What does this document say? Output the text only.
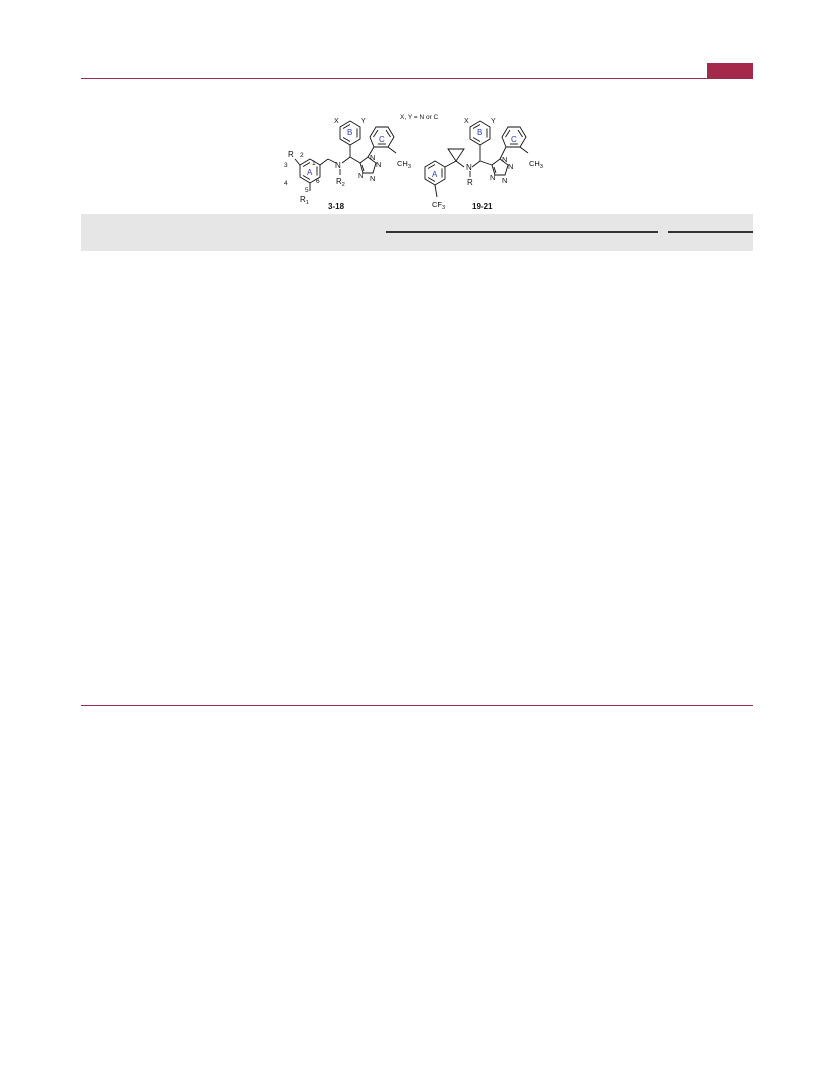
X, Y = N or C
A
B
C
X	Y
R 2
3	1
4	6
5
$R_1$
N
$R_2$
N
N
N
N
$CH_3$
3-18
A
B
C
X	Y
N
R
$CF_3$
N
N
N
N
$CH_3$
19-21
